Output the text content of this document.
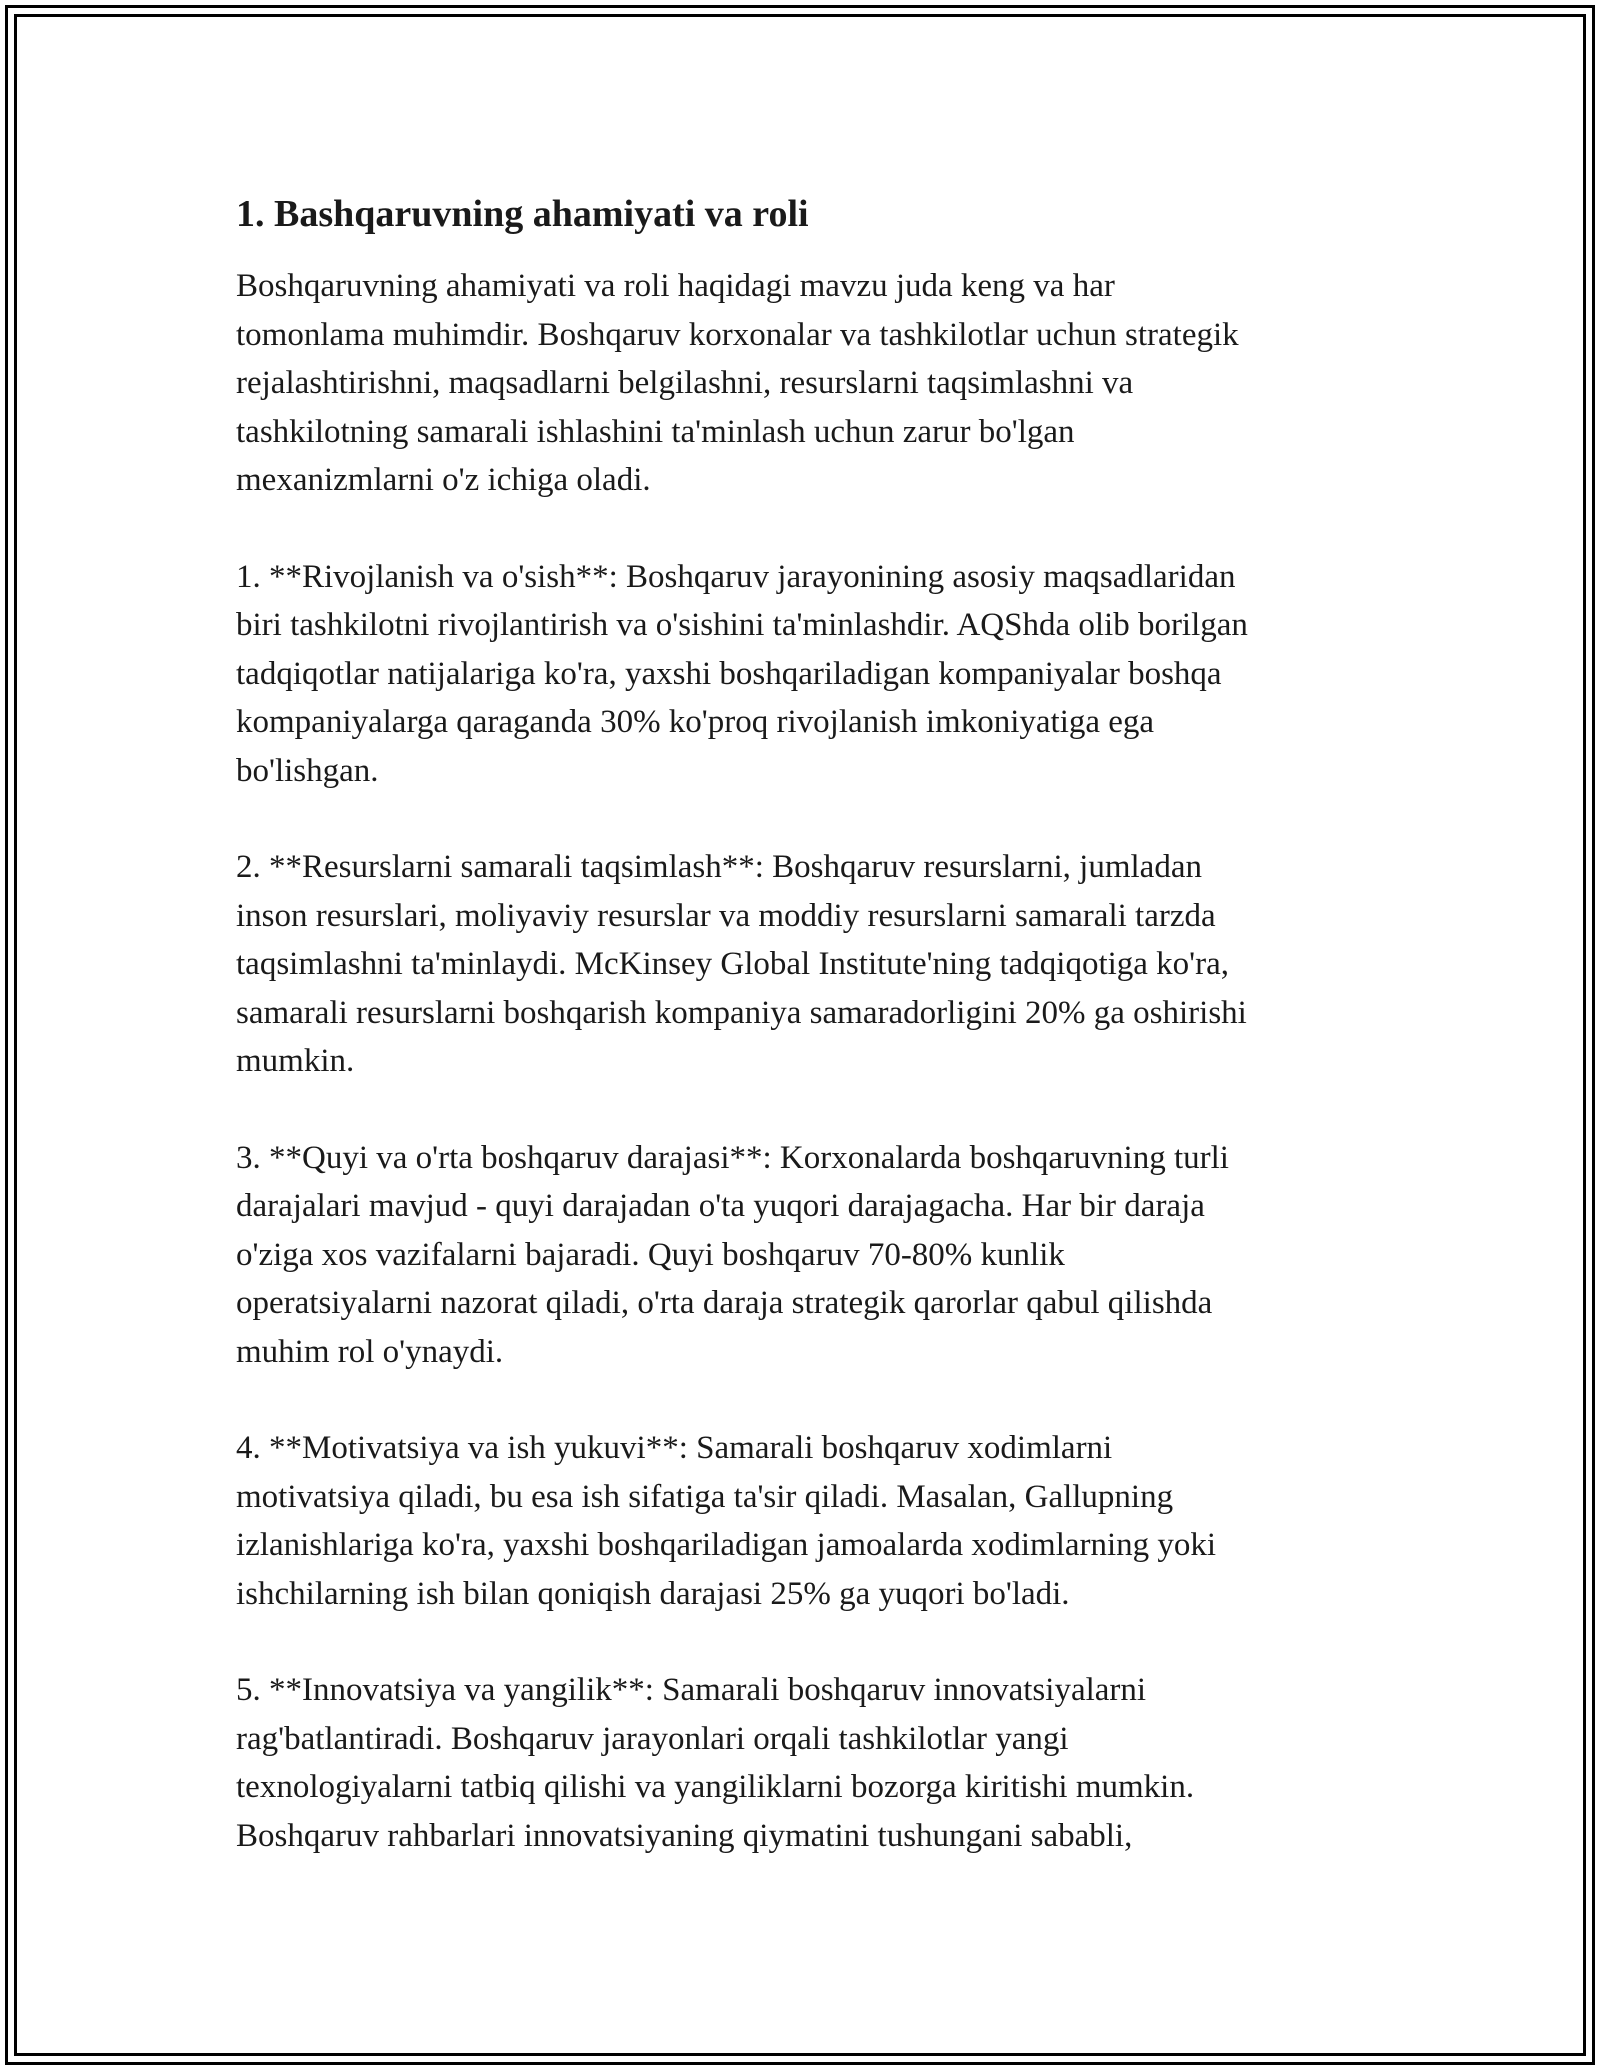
1. Bashqaruvning ahamiyati va roli

Boshqaruvning ahamiyati va roli haqidagi mavzu juda keng va har
tomonlama muhimdir. Boshqaruv korxonalar va tashkilotlar uchun strategik
rejalashtirishni, maqsadlarni belgilashni, resurslarni taqsimlashni va
tashkilotning samarali ishlashini ta'minlash uchun zarur bo'lgan
mexanizmlarni o'z ichiga oladi.

1. **Rivojlanish va o'sish**: Boshqaruv jarayonining asosiy maqsadlaridan
biri tashkilotni rivojlantirish va o'sishini ta'minlashdir. AQShda olib borilgan
tadqiqotlar natijalariga ko'ra, yaxshi boshqariladigan kompaniyalar boshqa
kompaniyalarga qaraganda 30% ko'proq rivojlanish imkoniyatiga ega
bo'lishgan.

2. **Resurslarni samarali taqsimlash**: Boshqaruv resurslarni, jumladan
inson resurslari, moliyaviy resurslar va moddiy resurslarni samarali tarzda
taqsimlashni ta'minlaydi. McKinsey Global Institute'ning tadqiqotiga ko'ra,
samarali resurslarni boshqarish kompaniya samaradorligini 20% ga oshirishi
mumkin.

3. **Quyi va o'rta boshqaruv darajasi**: Korxonalarda boshqaruvning turli
darajalari mavjud - quyi darajadan o'ta yuqori darajagacha. Har bir daraja
o'ziga xos vazifalarni bajaradi. Quyi boshqaruv 70-80% kunlik
operatsiyalarni nazorat qiladi, o'rta daraja strategik qarorlar qabul qilishda
muhim rol o'ynaydi.

4. **Motivatsiya va ish yukuvi**: Samarali boshqaruv xodimlarni
motivatsiya qiladi, bu esa ish sifatiga ta'sir qiladi. Masalan, Gallupning
izlanishlariga ko'ra, yaxshi boshqariladigan jamoalarda xodimlarning yoki
ishchilarning ish bilan qoniqish darajasi 25% ga yuqori bo'ladi.

5. **Innovatsiya va yangilik**: Samarali boshqaruv innovatsiyalarni
rag'batlantiradi. Boshqaruv jarayonlari orqali tashkilotlar yangi
texnologiyalarni tatbiq qilishi va yangiliklarni bozorga kiritishi mumkin.
Boshqaruv rahbarlari innovatsiyaning qiymatini tushungani sababli,
